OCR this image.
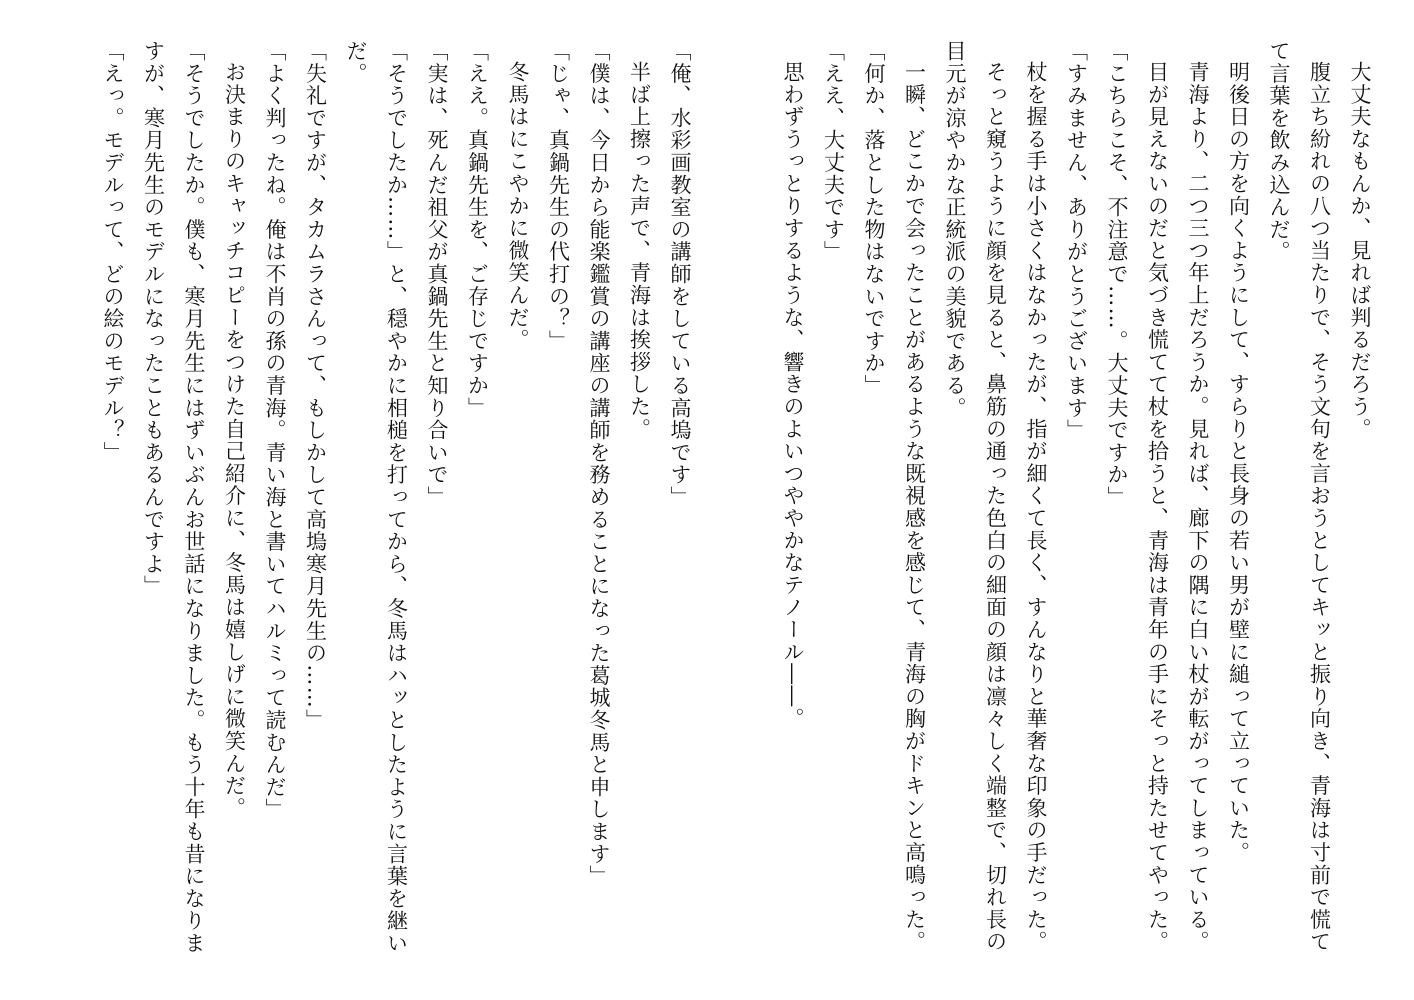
大丈夫なもんか、見れば判るだろう。

腹立ち紛れの八つ当たりで、そう文句を言おうとしてキッと振り向き、青海は寸前で慌てて言葉を飲み込んだ。

明後日の方を向くようにして、すらりと長身の若い男が壁に縋って立っていた。

青海より、二つ三つ年上だろうか。見れば、廊下の隅に白い杖が転がってしまっている。

目が見えないのだと気づき慌てて杖を拾うと、青海は青年の手にそっと持たせてやった。

「こちらこそ、不注意で……。大丈夫ですか」

「すみません、ありがとうございます」

杖を握る手は小さくはなかったが、指が細くて長く、すんなりと華奢な印象の手だった。

そっと窺うように顔を見ると、鼻筋の通った色白の細面の顔は凛々しく端整で、切れ長の目元が涼やかな正統派の美貌である。

一瞬、どこかで会ったことがあるような既視感を感じて、青海の胸がドキンと高鳴った。

「何か、落とした物はないですか」

「ええ、大丈夫です」

思わずうっとりするような、響きのよいつややかなテノール――。

「俺、水彩画教室の講師をしている高塢です」

半ば上擦った声で、青海は挨拶した。

「僕は、今日から能楽鑑賞の講座の講師を務めることになった葛城冬馬と申します」

「じゃ、真鍋先生の代打の？」

冬馬はにこやかに微笑んだ。

「ええ。真鍋先生を、ご存じですか」

「実は、死んだ祖父が真鍋先生と知り合いで」

「そうでしたか……」と、穏やかに相槌を打ってから、冬馬はハッとしたように言葉を継いだ。

「失礼ですが、タカムラさんって、もしかして高塢寒月先生の……」

「よく判ったね。俺は不肖の孫の青海。青い海と書いてハルミって読むんだ」

お決まりのキャッチコピーをつけた自己紹介に、冬馬は嬉しげに微笑んだ。

「そうでしたか。僕も、寒月先生にはずいぶんお世話になりました。もう十年も昔になりますが、寒月先生のモデルになったこともあるんですよ」

「えっ。モデルって、どの絵のモデル？」
